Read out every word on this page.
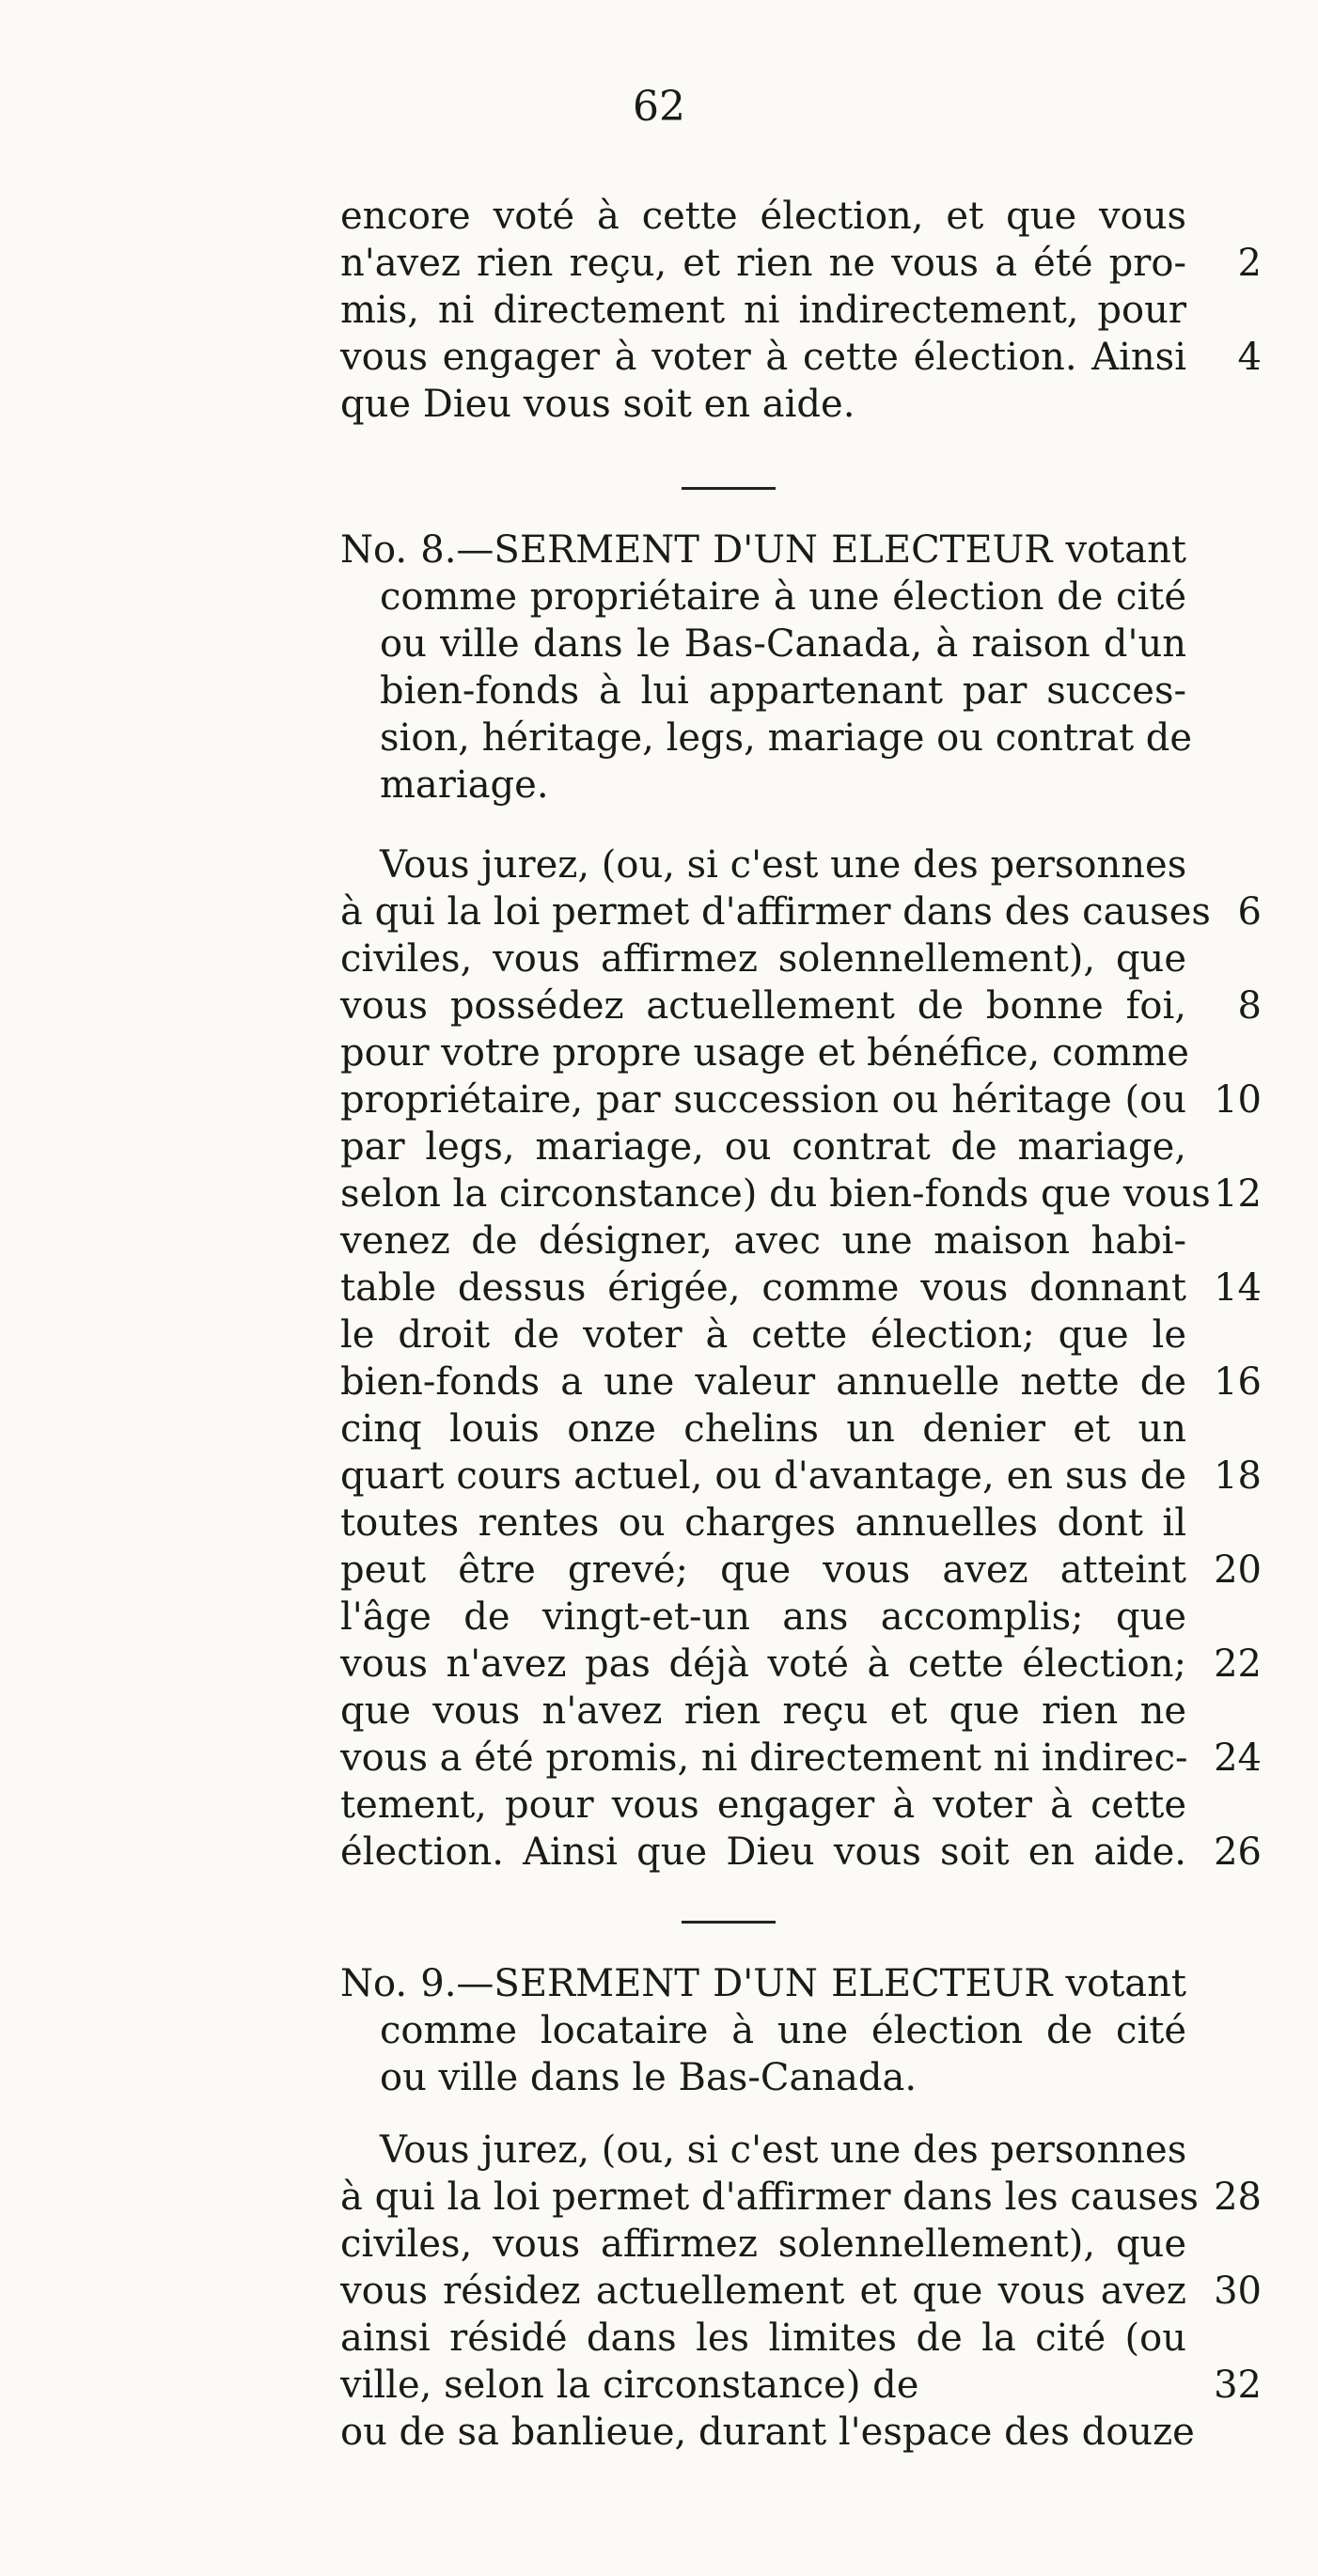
62
encore voté à cette élection, et que vous
n'avez rien reçu, et rien ne vous a été pro-	2
mis, ni directement ni indirectement, pour
vous engager à voter à cette élection. Ainsi	4
que Dieu vous soit en aide.
No. 8.—SERMENT D'UN ELECTEUR votant
comme propriétaire à une élection de cité
ou ville dans le Bas-Canada, à raison d'un
bien-fonds à lui appartenant par succes-
sion, héritage, legs, mariage ou contrat de
mariage.
Vous jurez, (ou, si c'est une des personnes
à qui la loi permet d'affirmer dans des causes 6
civiles, vous affirmez solennellement), que
vous possédez actuellement de bonne foi,	8
pour votre propre usage et bénéfice, comme
propriétaire, par succession ou héritage (ou 10
par legs, mariage, ou contrat de mariage,
selon la circonstance) du bien-fonds que vous 12
venez de désigner, avec une maison habi-
table dessus érigée, comme vous donnant 14
le droit de voter à cette élection; que le
bien-fonds a une valeur annuelle nette de 16
cinq louis onze chelins un denier et un
quart cours actuel, ou d'avantage, en sus de 18
toutes rentes ou charges annuelles dont il
peut être grevé; que vous avez atteint 20
l'âge de vingt-et-un ans accomplis; que
vous n'avez pas déjà voté à cette élection; 22
que vous n'avez rien reçu et que rien ne
vous a été promis, ni directement ni indirec- 24
tement, pour vous engager à voter à cette
élection. Ainsi que Dieu vous soit en aide. 26
No. 9.—SERMENT D'UN ELECTEUR votant
comme locataire à une élection de cité
ou ville dans le Bas-Canada.
Vous jurez, (ou, si c'est une des personnes
à qui la loi permet d'affirmer dans les causes 28
civiles, vous affirmez solennellement), que
vous résidez actuellement et que vous avez 30
ainsi résidé dans les limites de la cité (ou
ville, selon la circonstance) de	32
ou de sa banlieue, durant l'espace des douze
